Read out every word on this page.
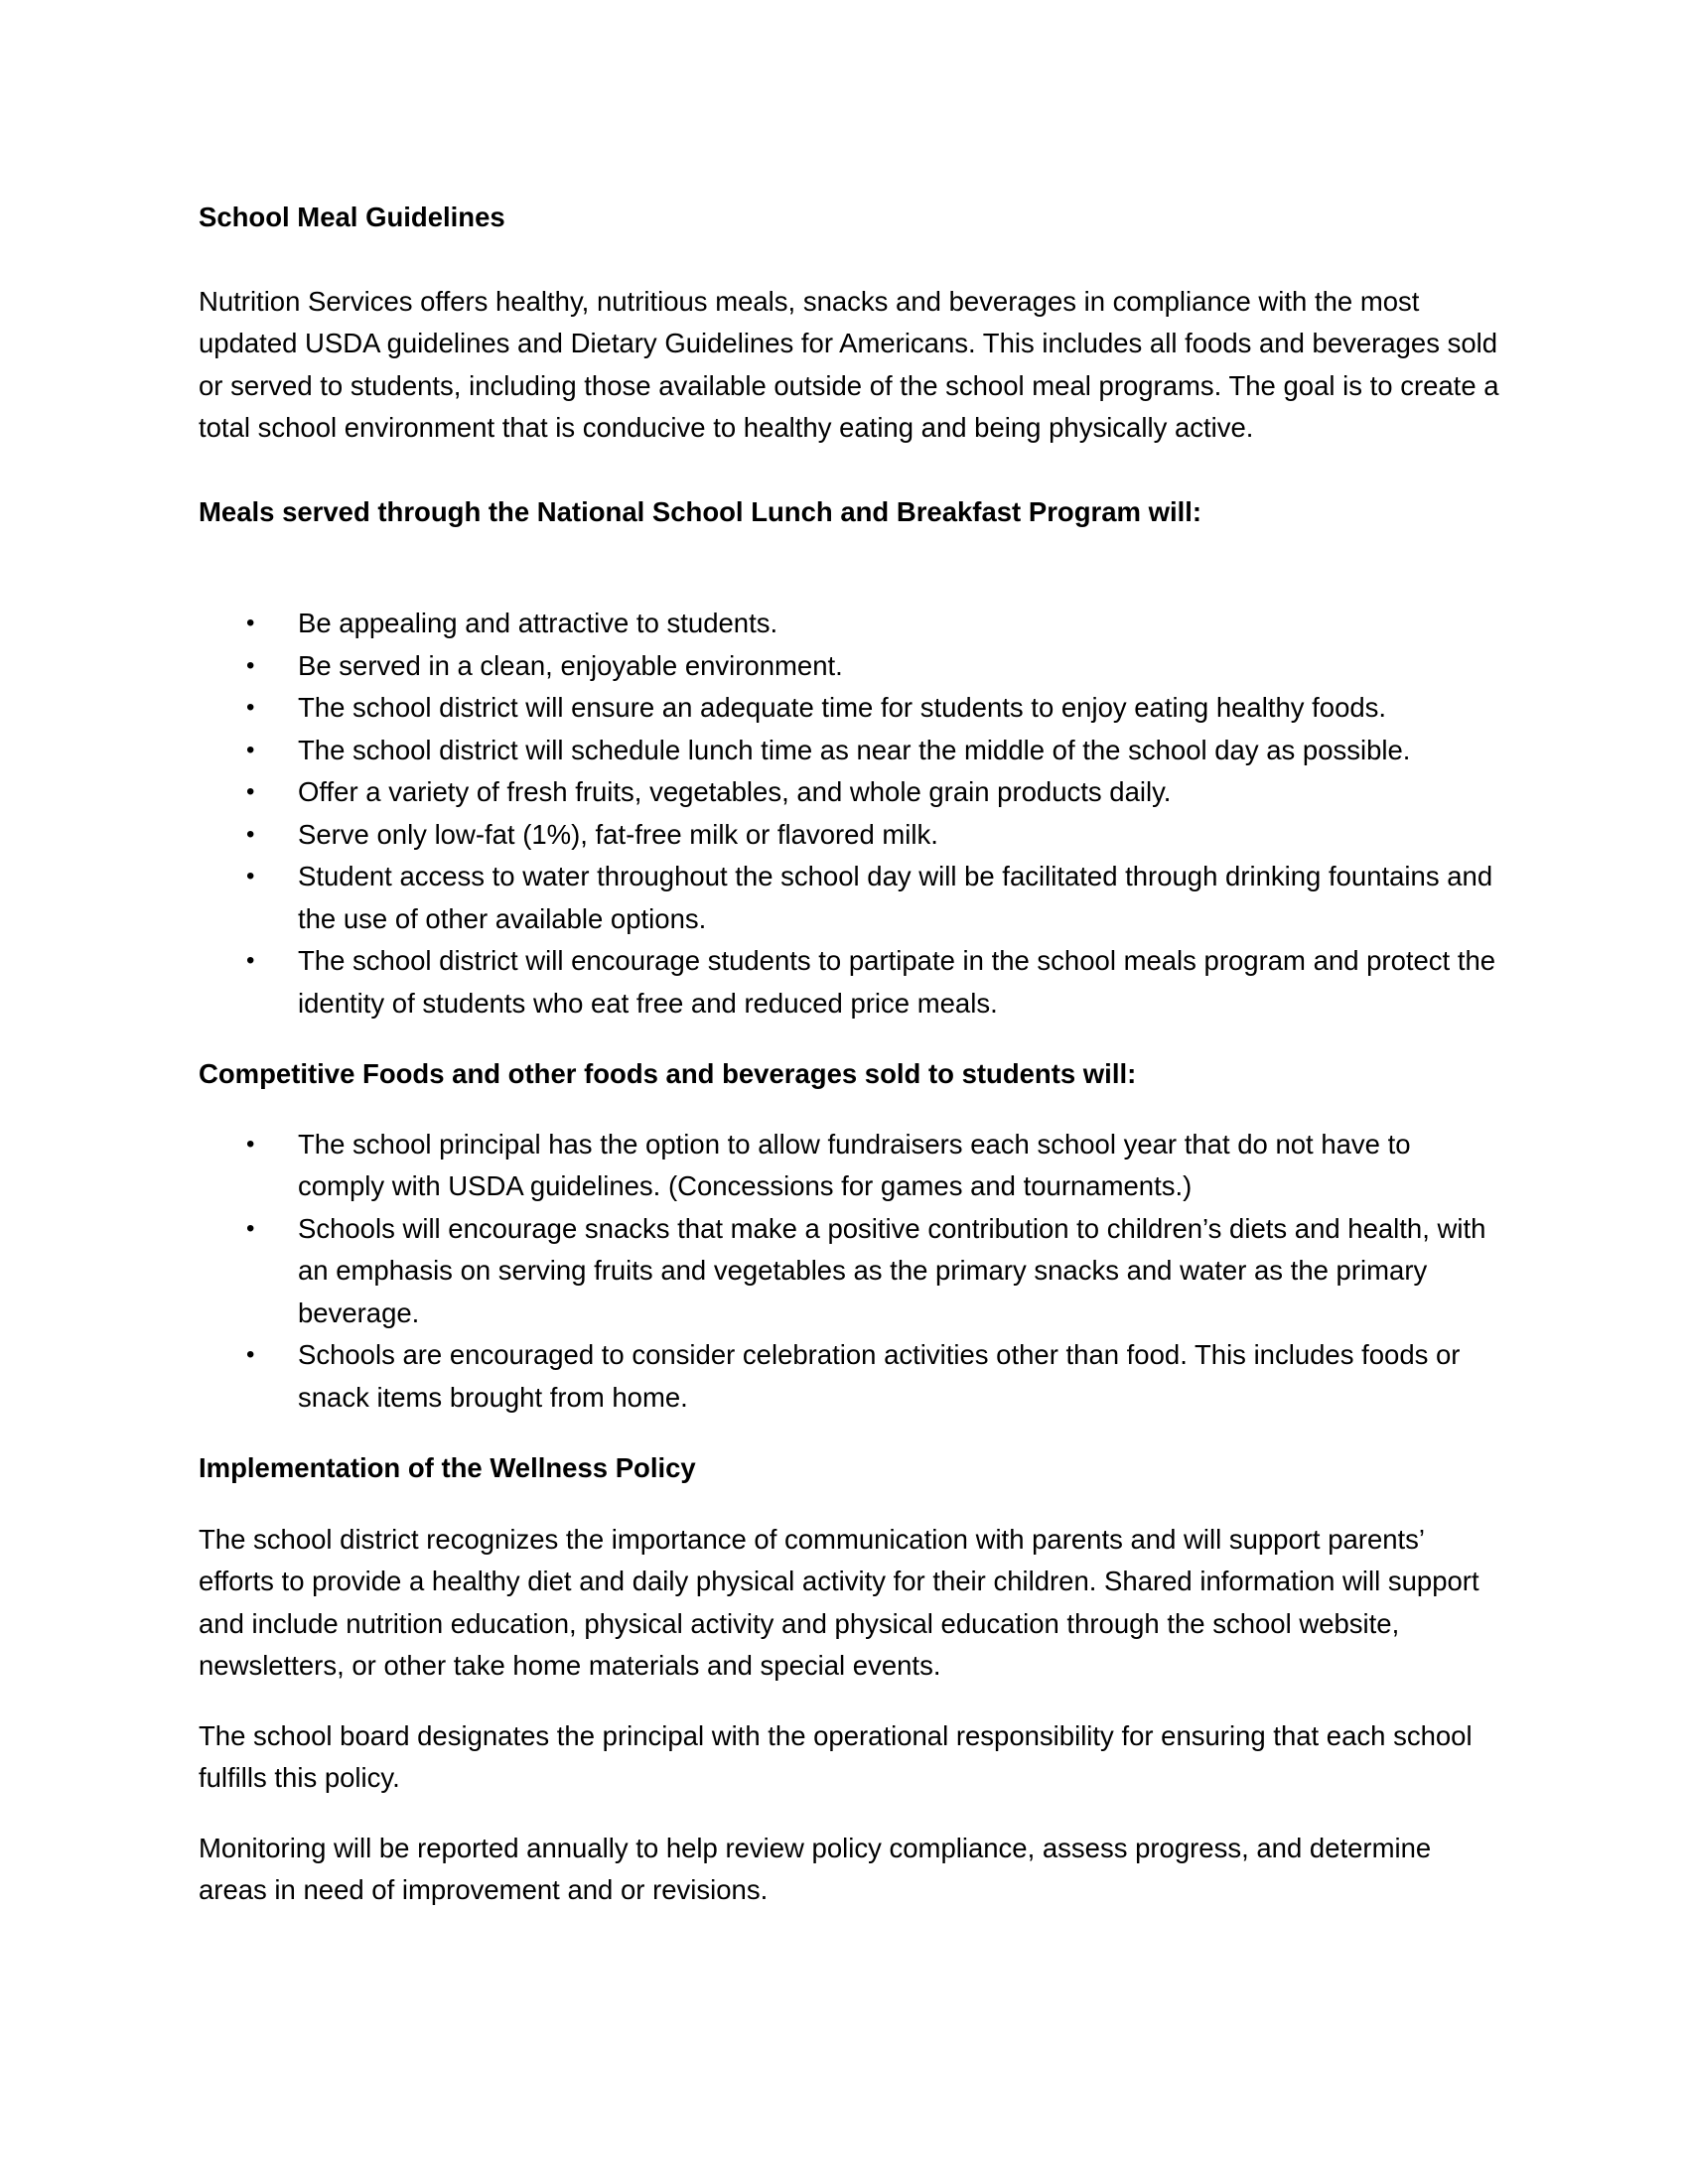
School Meal Guidelines

Nutrition Services offers healthy, nutritious meals, snacks and beverages in compliance with the most updated USDA guidelines and Dietary Guidelines for Americans. This includes all foods and beverages sold or served to students, including those available outside of the school meal programs. The goal is to create a total school environment that is conducive to healthy eating and being physically active.

Meals served through the National School Lunch and Breakfast Program will:

• Be appealing and attractive to students.
• Be served in a clean, enjoyable environment.
• The school district will ensure an adequate time for students to enjoy eating healthy foods.
• The school district will schedule lunch time as near the middle of the school day as possible.
• Offer a variety of fresh fruits, vegetables, and whole grain products daily.
• Serve only low-fat (1%), fat-free milk or flavored milk.
• Student access to water throughout the school day will be facilitated through drinking fountains and the use of other available options.
• The school district will encourage students to partipate in the school meals program and protect the identity of students who eat free and reduced price meals.

Competitive Foods and other foods and beverages sold to students will:

• The school principal has the option to allow fundraisers each school year that do not have to comply with USDA guidelines. (Concessions for games and tournaments.)
• Schools will encourage snacks that make a positive contribution to children’s diets and health, with an emphasis on serving fruits and vegetables as the primary snacks and water as the primary beverage.
• Schools are encouraged to consider celebration activities other than food. This includes foods or snack items brought from home.

Implementation of the Wellness Policy

The school district recognizes the importance of communication with parents and will support parents’ efforts to provide a healthy diet and daily physical activity for their children. Shared information will support and include nutrition education, physical activity and physical education through the school website, newsletters, or other take home materials and special events.

The school board designates the principal with the operational responsibility for ensuring that each school fulfills this policy.

Monitoring will be reported annually to help review policy compliance, assess progress, and determine areas in need of improvement and or revisions.
